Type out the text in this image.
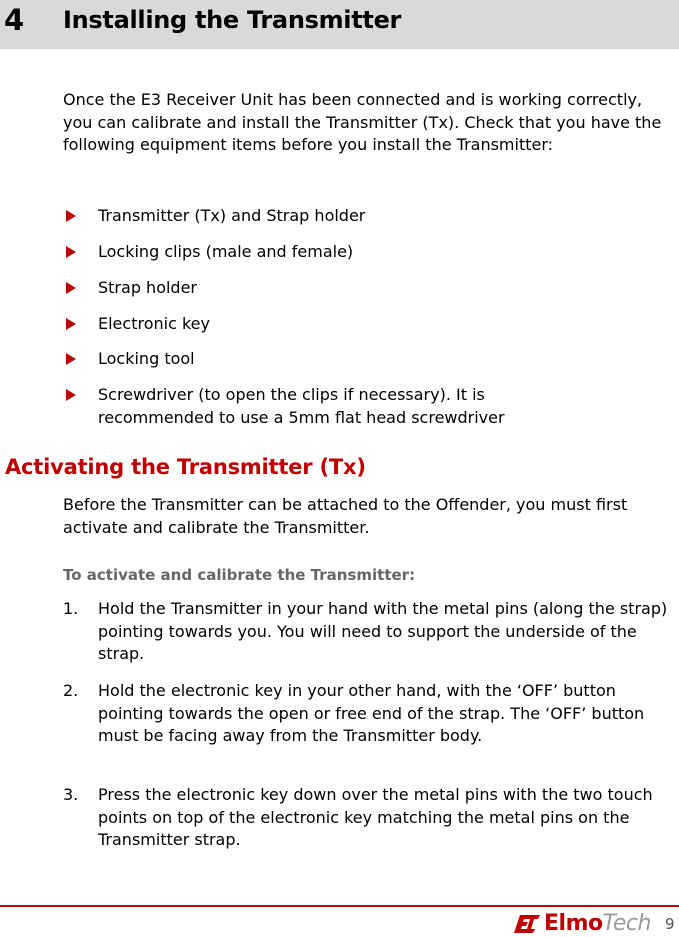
4 Installing the Transmitter
Once the E3 Receiver Unit has been connected and is working correctly, you can calibrate and install the Transmitter (Tx). Check that you have the following equipment items before you install the Transmitter:
Transmitter (Tx) and Strap holder
Locking clips (male and female)
Strap holder
Electronic key
Locking tool
Screwdriver (to open the clips if necessary). It is recommended to use a 5mm flat head screwdriver
Activating the Transmitter (Tx)
Before the Transmitter can be attached to the Offender, you must first activate and calibrate the Transmitter.
To activate and calibrate the Transmitter:
1. Hold the Transmitter in your hand with the metal pins (along the strap) pointing towards you. You will need to support the underside of the strap.
2. Hold the electronic key in your other hand, with the ‘OFF’ button pointing towards the open or free end of the strap. The ‘OFF’ button must be facing away from the Transmitter body.
3. Press the electronic key down over the metal pins with the two touch points on top of the electronic key matching the metal pins on the Transmitter strap.
Elmo Tech 9
